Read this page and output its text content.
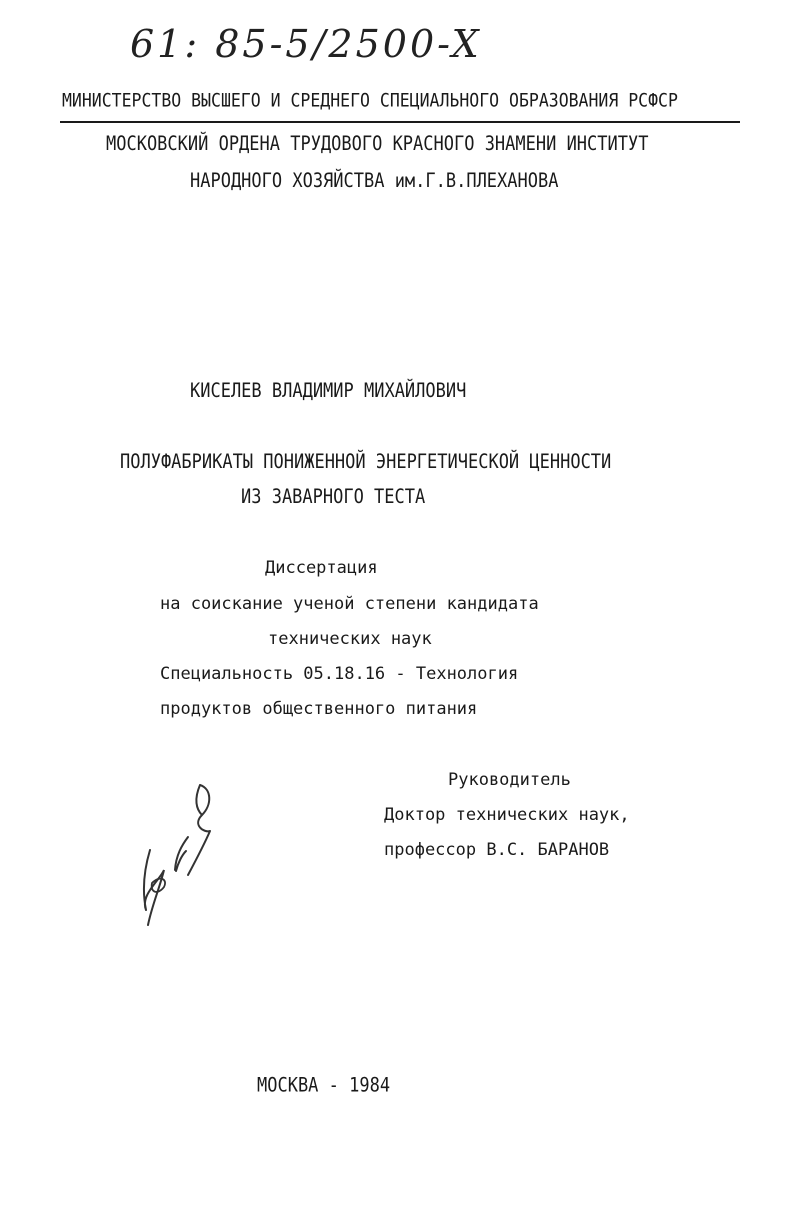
61: 85-5/2500-X
МИНИСТЕРСТВО ВЫСШЕГО И СРЕДНЕГО СПЕЦИАЛЬНОГО ОБРАЗОВАНИЯ РСФСР
МОСКОВСКИЙ ОРДЕНА ТРУДОВОГО КРАСНОГО ЗНАМЕНИ ИНСТИТУТ
НАРОДНОГО ХОЗЯЙСТВА им.Г.В.ПЛЕХАНОВА
КИСЕЛЕВ ВЛАДИМИР МИХАЙЛОВИЧ
ПОЛУФАБРИКАТЫ ПОНИЖЕННОЙ ЭНЕРГЕТИЧЕСКОЙ ЦЕННОСТИ
ИЗ ЗАВАРНОГО ТЕСТА
Диссертация
на соискание ученой степени кандидата
технических наук
Специальность 05.18.16 - Технология
продуктов общественного питания
Руководитель
Доктор технических наук,
профессор В.С. БАРАНОВ
МОСКВА - 1984
